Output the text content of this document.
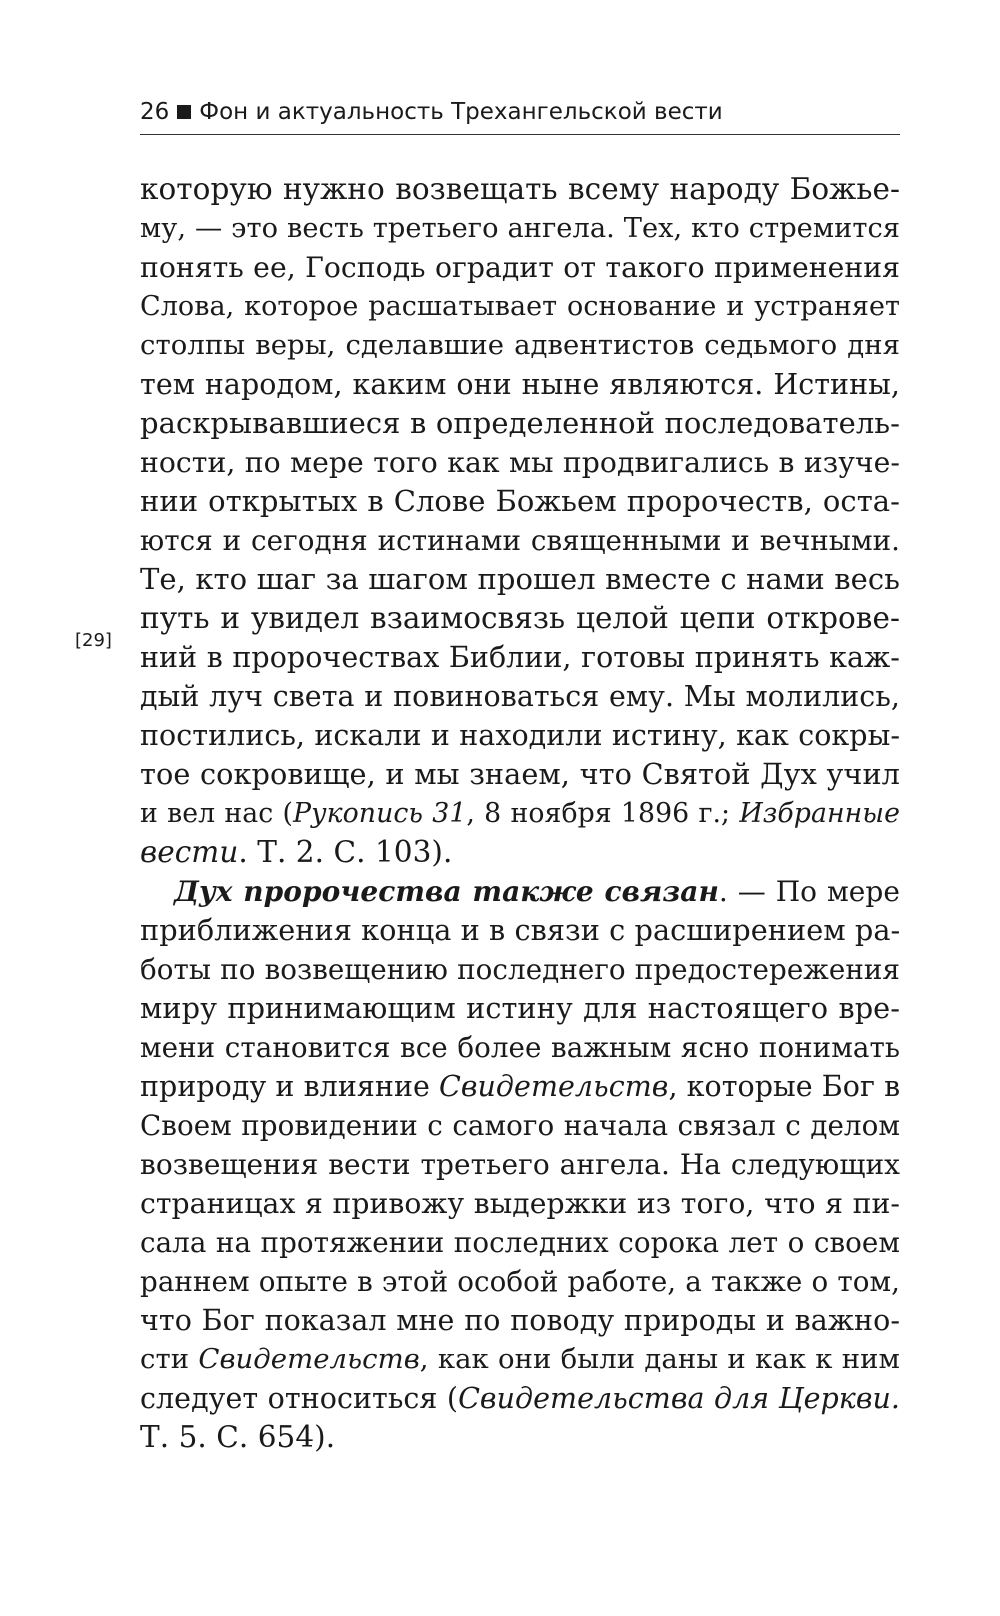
26 Фон и актуальность Трехангельской вести
[29]
которую нужно возвещать всему народу Божье-
му, — это весть третьего ангела. Тех, кто стремится
понять ее, Господь оградит от такого применения
Слова, которое расшатывает основание и устраняет
столпы веры, сделавшие адвентистов седьмого дня
тем народом, каким они ныне являются. Истины,
раскрывавшиеся в определенной последователь-
ности, по мере того как мы продвигались в изуче-
нии открытых в Слове Божьем пророчеств, оста-
ются и сегодня истинами священными и вечными.
Те, кто шаг за шагом прошел вместе с нами весь
путь и увидел взаимосвязь целой цепи открове-
ний в пророчествах Библии, готовы принять каж-
дый луч света и повиноваться ему. Мы молились,
постились, искали и находили истину, как сокры-
тое сокровище, и мы знаем, что Святой Дух учил
и вел нас (Рукопись 31, 8 ноября 1896 г.; Избранные
вести. Т. 2. С. 103).
Дух пророчества также связан. — По мере
приближения конца и в связи с расширением ра-
боты по возвещению последнего предостережения
миру принимающим истину для настоящего вре-
мени становится все более важным ясно понимать
природу и влияние Свидетельств, которые Бог в
Своем провидении с самого начала связал с делом
возвещения вести третьего ангела. На следующих
страницах я привожу выдержки из того, что я пи-
сала на протяжении последних сорока лет о своем
раннем опыте в этой особой работе, а также о том,
что Бог показал мне по поводу природы и важно-
сти Свидетельств, как они были даны и как к ним
следует относиться (Свидетельства для Церкви.
Т. 5. С. 654).
